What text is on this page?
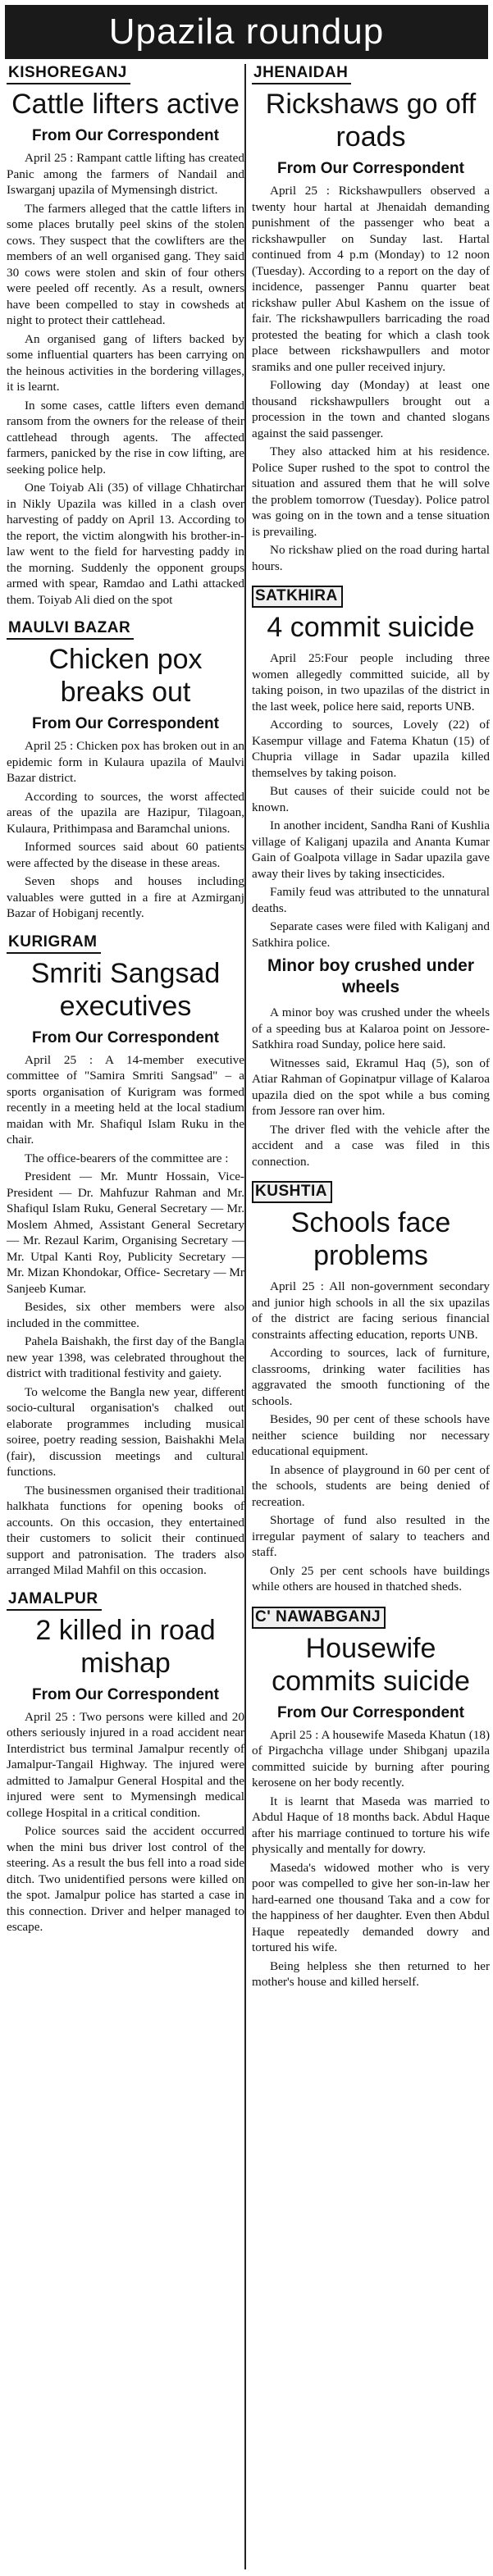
Upazila roundup
KISHOREGANJ
Cattle lifters active
From Our Correspondent

April 25 : Rampant cattle lifting has created Panic among the farmers of Nandail and Iswarganj upazila of Mymensingh district.

The farmers alleged that the cattle lifters in some places brutally peel skins of the stolen cows. They suspect that the cowlifters are the members of an well organised gang. They said 30 cows were stolen and skin of four others were peeled off recently. As a result, owners have been compelled to stay in cowsheds at night to protect their cattlehead.

An organised gang of lifters backed by some influential quarters has been carrying on the heinous activities in the bordering villages, it is learnt.

In some cases, cattle lifters even demand ransom from the owners for the release of their cattlehead through agents. The affected farmers, panicked by the rise in cow lifting, are seeking police help.

One Toiyab Ali (35) of village Chhatirchar in Nikly Upazila was killed in a clash over harvesting of paddy on April 13. According to the report, the victim alongwith his brother-in-law went to the field for harvesting paddy in the morning. Suddenly the opponent groups armed with spear, Ramdao and Lathi attacked them. Toiyab Ali died on the spot

MAULVI BAZAR
Chicken pox breaks out
From Our Correspondent

April 25 : Chicken pox has broken out in an epidemic form in Kulaura upazila of Maulvi Bazar district.

According to sources, the worst affected areas of the upazila are Hazipur, Tilagoan, Kulaura, Prithimpasa and Baramchal unions.

Informed sources said about 60 patients were affected by the disease in these areas.

Seven shops and houses including valuables were gutted in a fire at Azmirganj Bazar of Hobiganj recently.

KURIGRAM
Smriti Sangsad executives
From Our Correspondent

April 25 : A 14-member executive committee of "Samira Smriti Sangsad" – a sports organisation of Kurigram was formed recently in a meeting held at the local stadium maidan with Mr. Shafiqul Islam Ruku in the chair.

The office-bearers of the committee are :

President — Mr. Muntr Hossain, Vice-President — Dr. Mahfuzur Rahman and Mr. Shafiqul Islam Ruku, General Secretary — Mr. Moslem Ahmed, Assistant General Secretary — Mr. Rezaul Karim, Organising Secretary — Mr. Utpal Kanti Roy, Publicity Secretary — Mr. Mizan Khondokar, Office- Secretary — Mr Sanjeeb Kumar.

Besides, six other members were also included in the committee.

Pahela Baishakh, the first day of the Bangla new year 1398, was celebrated throughout the district with traditional festivity and gaiety.

To welcome the Bangla new year, different socio-cultural organisation's chalked out elaborate programmes including musical soiree, poetry reading session, Baishakhi Mela (fair), discussion meetings and cultural functions.

The businessmen organised their traditional halkhata functions for opening books of accounts. On this occasion, they entertained their customers to solicit their continued support and patronisation. The traders also arranged Milad Mahfil on this occasion.

JAMALPUR
2 killed in road mishap
From Our Correspondent

April 25 : Two persons were killed and 20 others seriously injured in a road accident near Interdistrict bus terminal Jamalpur recently of Jamalpur-Tangail Highway. The injured were admitted to Jamalpur General Hospital and the injured were sent to Mymensingh medical college Hospital in a critical condition.

Police sources said the accident occurred when the mini bus driver lost control of the steering. As a result the bus fell into a road side ditch. Two unidentified persons were killed on the spot. Jamalpur police has started a case in this connection. Driver and helper managed to escape.

JHENAIDAH
Rickshaws go off roads
From Our Correspondent

April 25 : Rickshawpullers observed a twenty hour hartal at Jhenaidah demanding punishment of the passenger who beat a rickshawpuller on Sunday last. Hartal continued from 4 p.m (Monday) to 12 noon (Tuesday). According to a report on the day of incidence, passenger Pannu quarter beat rickshaw puller Abul Kashem on the issue of fair. The rickshawpullers barricading the road protested the beating for which a clash took place between rickshawpullers and motor sramiks and one puller received injury.

Following day (Monday) at least one thousand rickshawpullers brought out a procession in the town and chanted slogans against the said passenger.

They also attacked him at his residence. Police Super rushed to the spot to control the situation and assured them that he will solve the problem tomorrow (Tuesday). Police patrol was going on in the town and a tense situation is prevailing.

No rickshaw plied on the road during hartal hours.

SATKHIRA
4 commit suicide

April 25:Four people including three women allegedly committed suicide, all by taking poison, in two upazilas of the district in the last week, police here said, reports UNB.

According to sources, Lovely (22) of Kasempur village and Fatema Khatun (15) of Chupria village in Sadar upazila killed themselves by taking poison.

But causes of their suicide could not be known.

In another incident, Sandha Rani of Kushlia village of Kaliganj upazila and Ananta Kumar Gain of Goalpota village in Sadar upazila gave away their lives by taking insecticides.

Family feud was attributed to the unnatural deaths.

Separate cases were filed with Kaliganj and Satkhira police.

Minor boy crushed under wheels

A minor boy was crushed under the wheels of a speeding bus at Kalaroa point on Jessore-Satkhira road Sunday, police here said.

Witnesses said, Ekramul Haq (5), son of Atiar Rahman of Gopinatpur village of Kalaroa upazila died on the spot while a bus coming from Jessore ran over him.

The driver fled with the vehicle after the accident and a case was filed in this connection.

KUSHTIA
Schools face problems

April 25 : All non-government secondary and junior high schools in all the six upazilas of the district are facing serious financial constraints affecting education, reports UNB.

According to sources, lack of furniture, classrooms, drinking water facilities has aggravated the smooth functioning of the schools.

Besides, 90 per cent of these schools have neither science building nor necessary educational equipment.

In absence of playground in 60 per cent of the schools, students are being denied of recreation.

Shortage of fund also resulted in the irregular payment of salary to teachers and staff.

Only 25 per cent schools have buildings while others are housed in thatched sheds.

C' NAWABGANJ
Housewife commits suicide
From Our Correspondent

April 25 : A housewife Maseda Khatun (18) of Pirgachcha village under Shibganj upazila committed suicide by burning after pouring kerosene on her body recently.

It is learnt that Maseda was married to Abdul Haque of 18 months back. Abdul Haque after his marriage continued to torture his wife physically and mentally for dowry.

Maseda's widowed mother who is very poor was compelled to give her son-in-law her hard-earned one thousand Taka and a cow for the happiness of her daughter. Even then Abdul Haque repeatedly demanded dowry and tortured his wife.

Being helpless she then returned to her mother's house and killed herself.
